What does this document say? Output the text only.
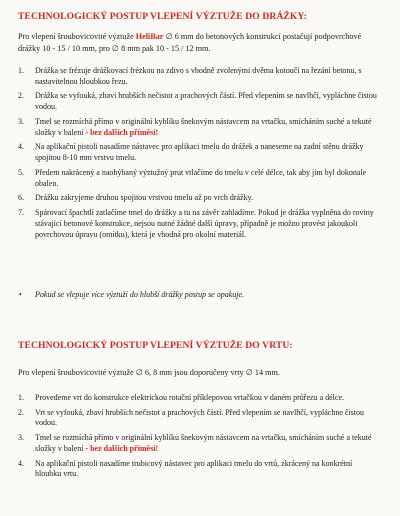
TECHNOLOGICKÝ POSTUP VLEPENÍ VÝZTUŽE DO DRÁŽKY:

Pro vlepení šroubovicovité výztuže HeliBar ∅ 6 mm do betonových konstrukcí postačují podpovrchové drážky 10 - 15 / 10 mm, pro ∅ 8 mm pak 10 - 15 / 12 mm.

1. Drážka se frézuje drážkovací frézkou na zdivo s vhodně zvolenými dvěma kotouči na řezání betonu, s nastavitelnou hloubkou řezu.
2. Drážka se vyfouká, zbaví hrubších nečistot a prachových částí. Před vlepením se navlhčí, vypláchne čistou vodou.
3. Tmel se rozmíchá přímo v originální kyblíku šnekovým nástavcem na vrtačku, smícháním suché a tekuté složky v balení - bez dalších příměsí!
4. Na aplikační pistoli nasadíme nástavec pro aplikaci tmelu do drážek a naneseme na zadní stěnu drážky spojitou 8-10 mm vrstvu tmelu.
5. Předem nakrácený a naohýbaný výztužný prut vtlačíme do tmelu v celé délce, tak aby jím byl dokonale obalen.
6. Drážku zakryjeme druhou spojitou vrstvou tmelu až po vrch drážky.
7. Spárovací špachtlí zatlačíme tmel do drážky a tu na závěr zahladíme. Pokud je drážka vyplněna do roviny stávající betonové konstrukce, nejsou nutné žádné další úpravy, případně je možno provést jakoukoli povrchovou úpravu (omítku), která je vhodná pro okolní materiál.

• Pokud se vlepuje více výztuží do hlubší drážky postup se opakuje.

TECHNOLOGICKÝ POSTUP VLEPENÍ VÝZTUŽE DO VRTU:

Pro vlepení šroubovicovité výztuže ∅ 6, 8 mm jsou doporučeny vrty ∅ 14 mm.

1. Provedeme vrt do konstrukce elektrickou rotační příklepovou vrtačkou v daném průřezu a délce.
2. Vrt se vyfouká, zbaví hrubších nečistot a prachových částí. Před vlepením se navlhčí, vypláchne čistou vodou.
3. Tmel se rozmíchá přímo v originální kyblíku šnekovým nástavcem na vrtačku, smícháním suché a tekuté složky v balení - bez dalších příměsí!
4. Na aplikační pistoli nasadíme trubicový nástavec pro aplikaci tmelu do vrtů, zkrácený na konkrétní hloubku vrtu.
